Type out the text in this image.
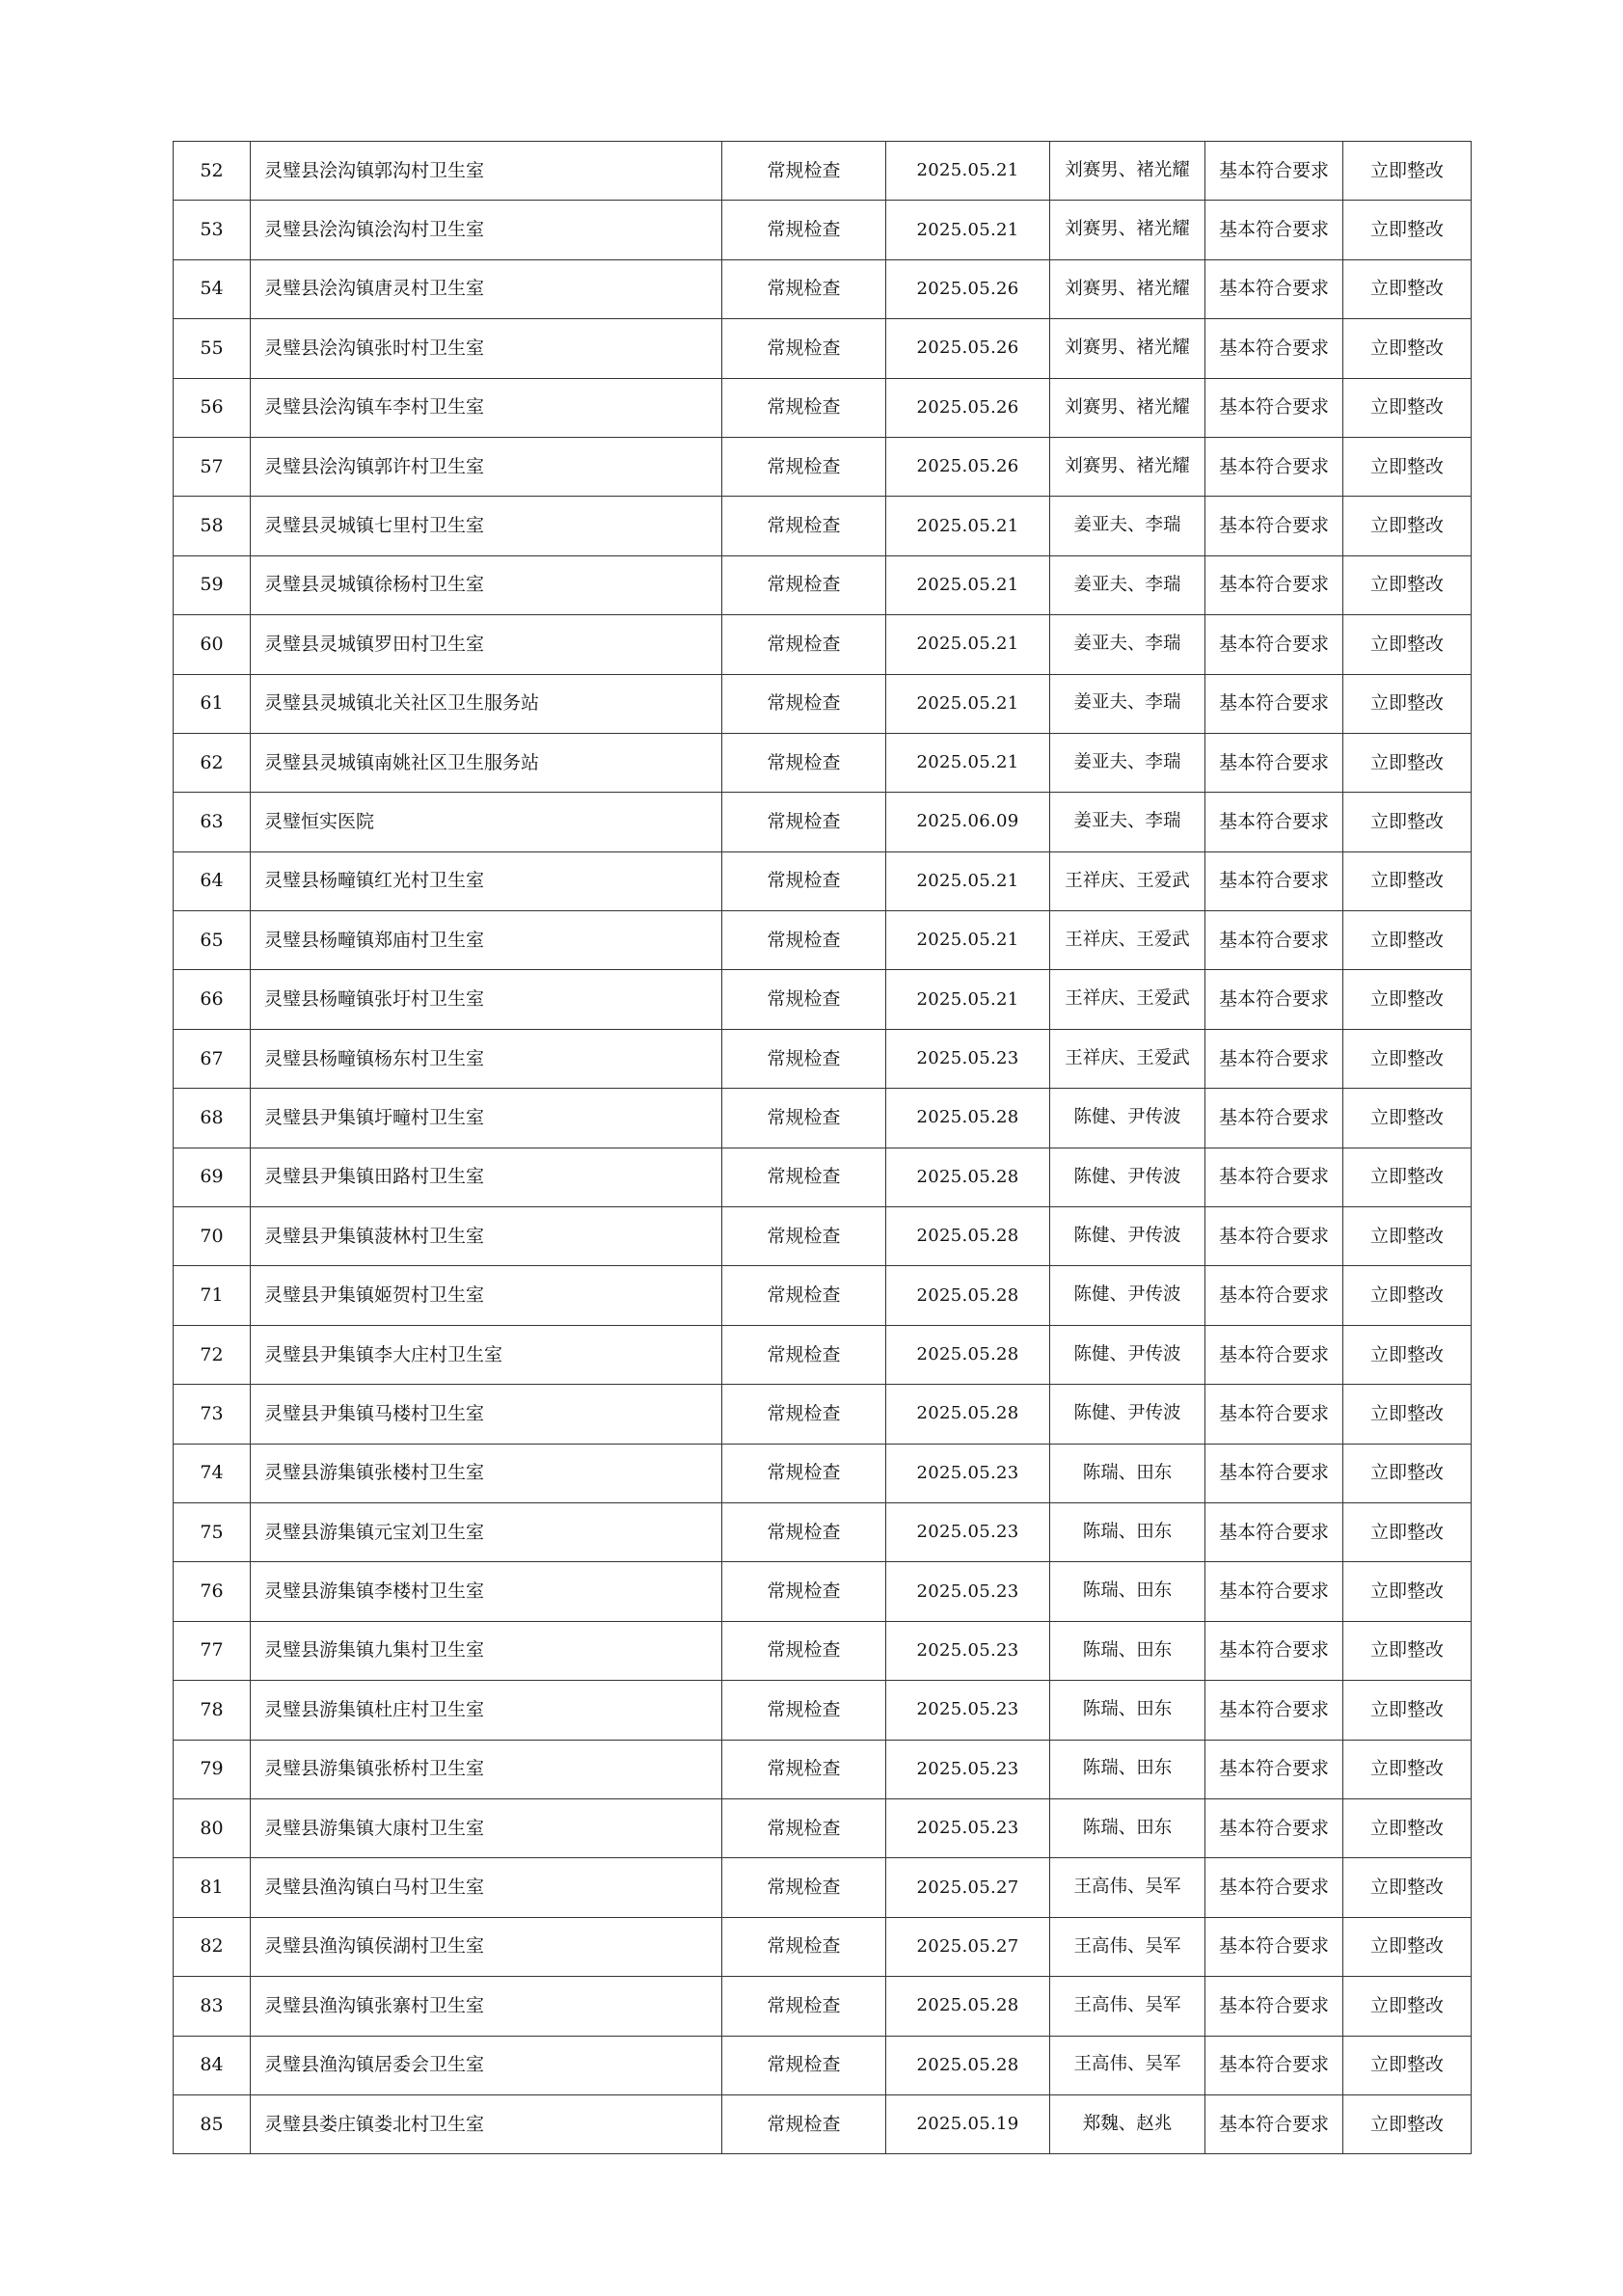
52	灵璧县浍沟镇郭沟村卫生室	常规检查	2025.05.21	刘赛男、褚光耀	基本符合要求	立即整改
53	灵璧县浍沟镇浍沟村卫生室	常规检查	2025.05.21	刘赛男、褚光耀	基本符合要求	立即整改
54	灵璧县浍沟镇唐灵村卫生室	常规检查	2025.05.26	刘赛男、褚光耀	基本符合要求	立即整改
55	灵璧县浍沟镇张时村卫生室	常规检查	2025.05.26	刘赛男、褚光耀	基本符合要求	立即整改
56	灵璧县浍沟镇车李村卫生室	常规检查	2025.05.26	刘赛男、褚光耀	基本符合要求	立即整改
57	灵璧县浍沟镇郭许村卫生室	常规检查	2025.05.26	刘赛男、褚光耀	基本符合要求	立即整改
58	灵璧县灵城镇七里村卫生室	常规检查	2025.05.21	姜亚夫、李瑞	基本符合要求	立即整改
59	灵璧县灵城镇徐杨村卫生室	常规检查	2025.05.21	姜亚夫、李瑞	基本符合要求	立即整改
60	灵璧县灵城镇罗田村卫生室	常规检查	2025.05.21	姜亚夫、李瑞	基本符合要求	立即整改
61	灵璧县灵城镇北关社区卫生服务站	常规检查	2025.05.21	姜亚夫、李瑞	基本符合要求	立即整改
62	灵璧县灵城镇南姚社区卫生服务站	常规检查	2025.05.21	姜亚夫、李瑞	基本符合要求	立即整改
63	灵璧恒实医院	常规检查	2025.06.09	姜亚夫、李瑞	基本符合要求	立即整改
64	灵璧县杨疃镇红光村卫生室	常规检查	2025.05.21	王祥庆、王爱武	基本符合要求	立即整改
65	灵璧县杨疃镇郑庙村卫生室	常规检查	2025.05.21	王祥庆、王爱武	基本符合要求	立即整改
66	灵璧县杨疃镇张圩村卫生室	常规检查	2025.05.21	王祥庆、王爱武	基本符合要求	立即整改
67	灵璧县杨疃镇杨东村卫生室	常规检查	2025.05.23	王祥庆、王爱武	基本符合要求	立即整改
68	灵璧县尹集镇圩疃村卫生室	常规检查	2025.05.28	陈健、尹传波	基本符合要求	立即整改
69	灵璧县尹集镇田路村卫生室	常规检查	2025.05.28	陈健、尹传波	基本符合要求	立即整改
70	灵璧县尹集镇菠林村卫生室	常规检查	2025.05.28	陈健、尹传波	基本符合要求	立即整改
71	灵璧县尹集镇姬贺村卫生室	常规检查	2025.05.28	陈健、尹传波	基本符合要求	立即整改
72	灵璧县尹集镇李大庄村卫生室	常规检查	2025.05.28	陈健、尹传波	基本符合要求	立即整改
73	灵璧县尹集镇马楼村卫生室	常规检查	2025.05.28	陈健、尹传波	基本符合要求	立即整改
74	灵璧县游集镇张楼村卫生室	常规检查	2025.05.23	陈瑞、田东	基本符合要求	立即整改
75	灵璧县游集镇元宝刘卫生室	常规检查	2025.05.23	陈瑞、田东	基本符合要求	立即整改
76	灵璧县游集镇李楼村卫生室	常规检查	2025.05.23	陈瑞、田东	基本符合要求	立即整改
77	灵璧县游集镇九集村卫生室	常规检查	2025.05.23	陈瑞、田东	基本符合要求	立即整改
78	灵璧县游集镇杜庄村卫生室	常规检查	2025.05.23	陈瑞、田东	基本符合要求	立即整改
79	灵璧县游集镇张桥村卫生室	常规检查	2025.05.23	陈瑞、田东	基本符合要求	立即整改
80	灵璧县游集镇大康村卫生室	常规检查	2025.05.23	陈瑞、田东	基本符合要求	立即整改
81	灵璧县渔沟镇白马村卫生室	常规检查	2025.05.27	王高伟、吴军	基本符合要求	立即整改
82	灵璧县渔沟镇侯湖村卫生室	常规检查	2025.05.27	王高伟、吴军	基本符合要求	立即整改
83	灵璧县渔沟镇张寨村卫生室	常规检查	2025.05.28	王高伟、吴军	基本符合要求	立即整改
84	灵璧县渔沟镇居委会卫生室	常规检查	2025.05.28	王高伟、吴军	基本符合要求	立即整改
85	灵璧县娄庄镇娄北村卫生室	常规检查	2025.05.19	郑魏、赵兆	基本符合要求	立即整改
